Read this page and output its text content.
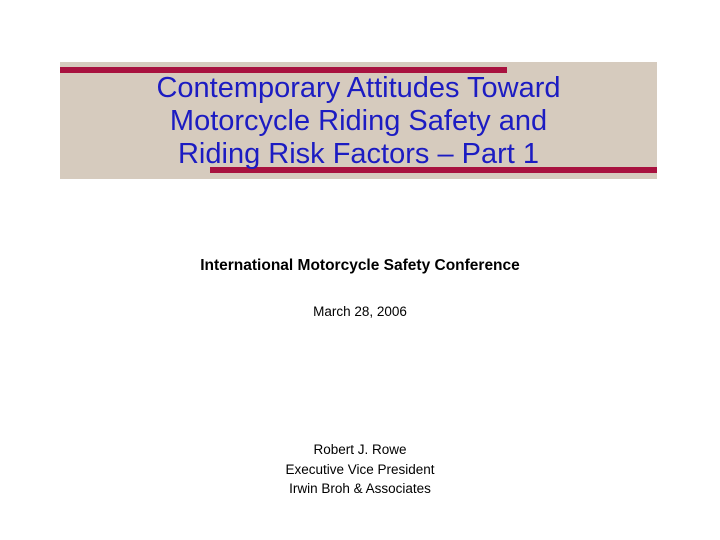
Contemporary Attitudes Toward
Motorcycle Riding Safety and
Riding Risk Factors – Part 1
International Motorcycle Safety Conference
March 28, 2006
Robert J. Rowe
Executive Vice President
Irwin Broh & Associates
